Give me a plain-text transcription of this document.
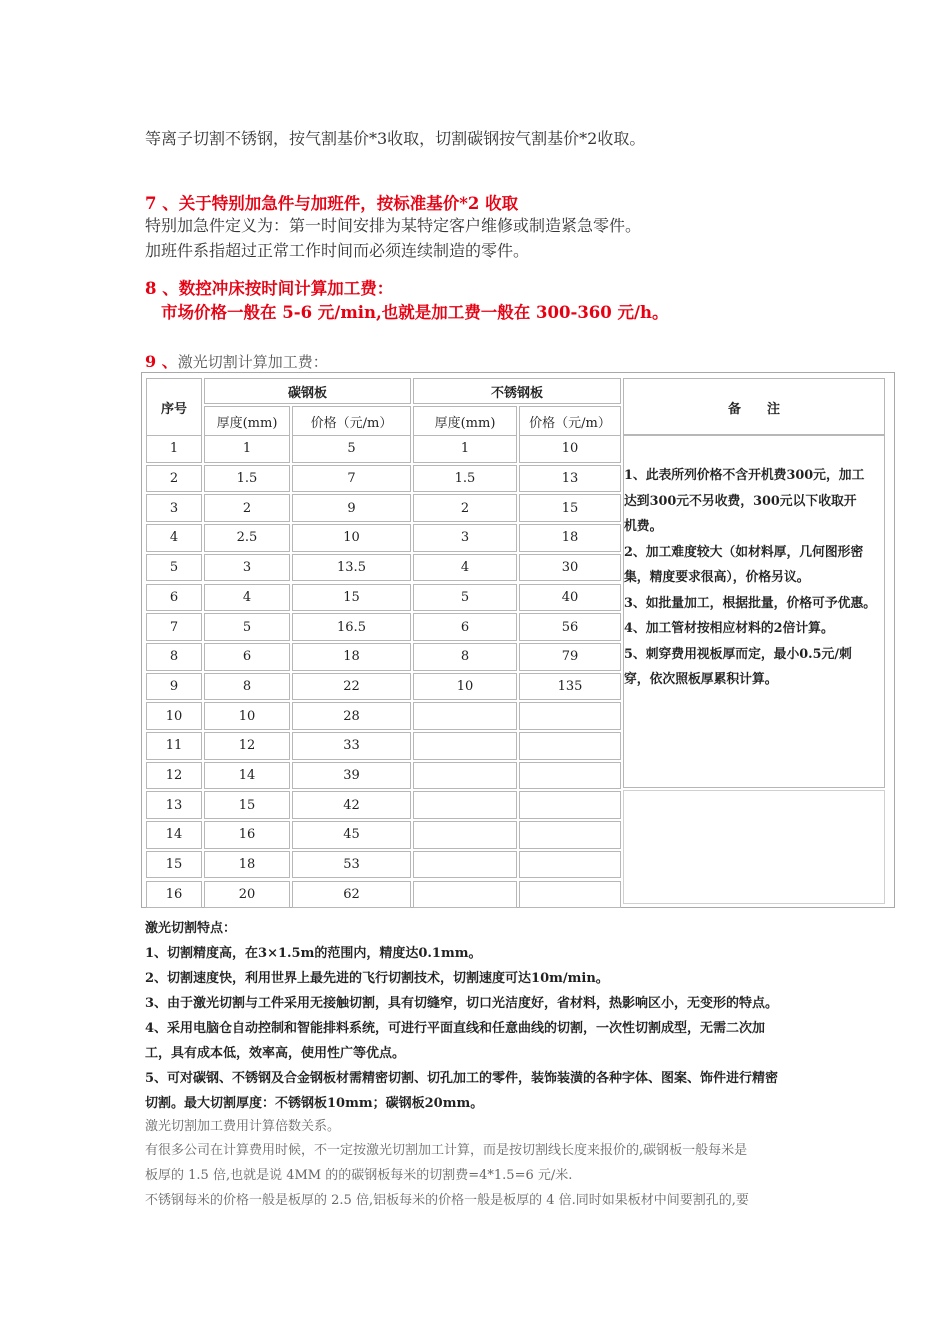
等离子切割不锈钢，按气割基价*3收取，切割碳钢按气割基价*2收取。
7 、关于特别加急件与加班件，按标准基价*2 收取
特别加急件定义为：第一时间安排为某特定客户维修或制造紧急零件。
加班件系指超过正常工作时间而必须连续制造的零件。
8 、数控冲床按时间计算加工费：
市场价格一般在 5-6 元/min,也就是加工费一般在 300-360 元/h。
9 、激光切割计算加工费：
序号
碳钢板	不锈钢板
备　　注
厚度(mm)	价格（元/m）	厚度(mm)	价格（元/m）
1	1	5	1	10
2	1.5	7	1.5	13
3	2	9	2	15
4	2.5	10	3	18
5	3	13.5	4	30
6	4	15	5	40
7	5	16.5	6	56
8	6	18	8	79
9	8	22	10	135
10	10	28
11	12	33
12	14	39
13	15	42
14	16	45
15	18	53
16	20	62
1、此表所列价格不含开机费300元，加工
达到300元不另收费，300元以下收取开
机费。
2、加工难度较大（如材料厚，几何图形密
集，精度要求很高），价格另议。
3、如批量加工，根据批量，价格可予优惠。
4、加工管材按相应材料的2倍计算。
5、刺穿费用视板厚而定，最小0.5元/刺
穿，依次照板厚累积计算。
激光切割特点：
1、切割精度高，在3×1.5m的范围内，精度达0.1mm。
2、切割速度快，利用世界上最先进的飞行切割技术，切割速度可达10m/min。
3、由于激光切割与工件采用无接触切割，具有切缝窄，切口光洁度好，省材料，热影响区小，无变形的特点。
4、采用电脑仓自动控制和智能排料系统，可进行平面直线和任意曲线的切割，一次性切割成型，无需二次加
工，具有成本低，效率高，使用性广等优点。
5、可对碳钢、不锈钢及合金钢板材需精密切割、切孔加工的零件，装饰装潢的各种字体、图案、饰件进行精密
切割。最大切割厚度：不锈钢板10mm；碳钢板20mm。
激光切割加工费用计算倍数关系。
有很多公司在计算费用时候，不一定按激光切割加工计算，而是按切割线长度来报价的,碳钢板一般每米是
板厚的 1.5 倍,也就是说 4MM 的的碳钢板每米的切割费=4*1.5=6 元/米.
不锈钢每米的价格一般是板厚的 2.5 倍,铝板每米的价格一般是板厚的 4 倍.同时如果板材中间要割孔的,要
